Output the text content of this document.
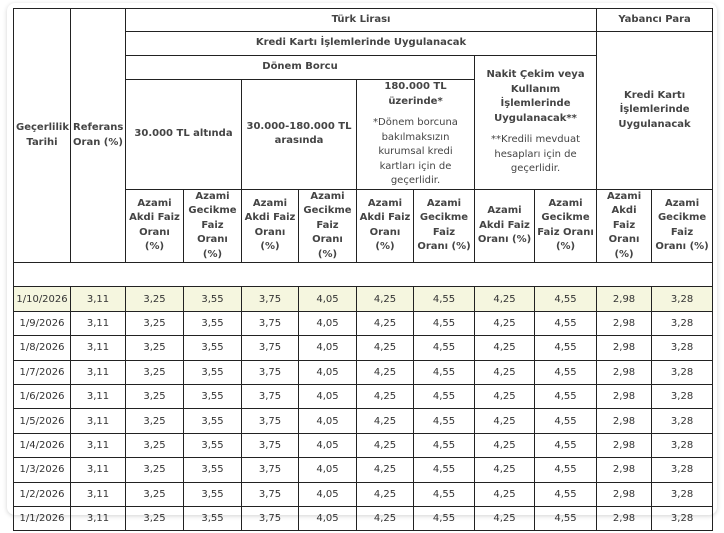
Geçerlilik Tarihi	Referans Oran (%)	Türk Lirası								Yabancı Para	
		Kredi Kartı İşlemlerinde Uygulanacak								Kredi Kartı İşlemlerinde Uygulanacak	
		Dönem Borcu						Nakit Çekim veya Kullanım İşlemlerinde Uygulanacak**
**Kredili mevduat hesapları için de geçerlidir.			

		30.000 TL altında		30.000-180.000 TL arasında		180.000 TL üzerinde*
*Dönem borcuna bakılmaksızın kurumsal kredi kartları için de geçerlidir.					

		Azami Akdi Faiz Oranı (%)	Azami Gecikme Faiz Oranı (%)	Azami Akdi Faiz Oranı (%)	Azami Gecikme Faiz Oranı (%)	Azami Akdi Faiz Oranı (%)	Azami Gecikme Faiz Oranı (%)	Azami Akdi Faiz Oranı (%)	Azami Gecikme Faiz Oranı (%)	Azami Akdi Faiz Oranı (%)	Azami Gecikme Faiz Oranı (%)

1/10/2026	3,11	3,25	3,55	3,75	4,05	4,25	4,55	4,25	4,55	2,98	3,28
1/9/2026	3,11	3,25	3,55	3,75	4,05	4,25	4,55	4,25	4,55	2,98	3,28
1/8/2026	3,11	3,25	3,55	3,75	4,05	4,25	4,55	4,25	4,55	2,98	3,28
1/7/2026	3,11	3,25	3,55	3,75	4,05	4,25	4,55	4,25	4,55	2,98	3,28
1/6/2026	3,11	3,25	3,55	3,75	4,05	4,25	4,55	4,25	4,55	2,98	3,28
1/5/2026	3,11	3,25	3,55	3,75	4,05	4,25	4,55	4,25	4,55	2,98	3,28
1/4/2026	3,11	3,25	3,55	3,75	4,05	4,25	4,55	4,25	4,55	2,98	3,28
1/3/2026	3,11	3,25	3,55	3,75	4,05	4,25	4,55	4,25	4,55	2,98	3,28
1/2/2026	3,11	3,25	3,55	3,75	4,05	4,25	4,55	4,25	4,55	2,98	3,28
1/1/2026	3,11	3,25	3,55	3,75	4,05	4,25	4,55	4,25	4,55	2,98	3,28
